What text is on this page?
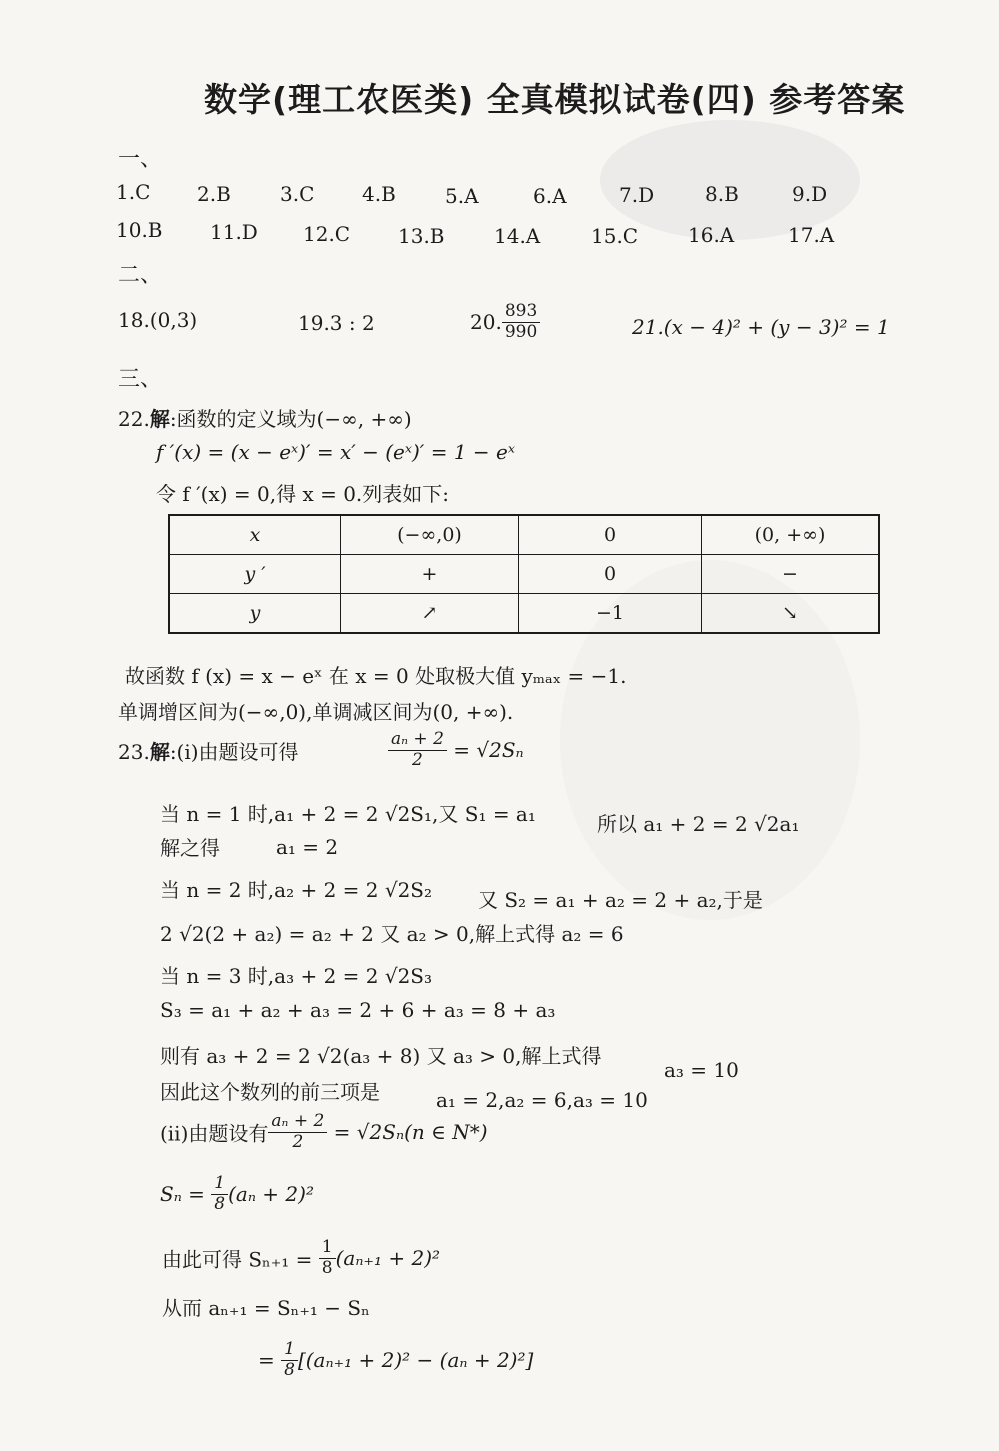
数学(理工农医类) 全真模拟试卷(四) 参考答案
一、
1.C 2.B 3.C 4.B 5.A	6.A	7.D	8.B	9.D
10.B 11.D 12.C 13.B 14.A	15.C 16.A	17.A
二、
18.(0,3)	19.3 : 2	20. $\frac{893}{990}$	21.(x − 4)² + (y − 3)² = 1
三、
22.解:函数的定义域为(−∞, +∞)
f ′(x) = (x − eˣ)′ = x′ − (eˣ)′ = 1 − eˣ
令 f ′(x) = 0,得 x = 0.列表如下:
x	(−∞,0)	0	(0, +∞)
y ′	+	0	−
y	↗	−1	↘
故函数 f (x) = x − eˣ 在 x = 0 处取极大值 yₘₐₓ = −1.
单调增区间为(−∞,0),单调减区间为(0, +∞).
23.解:(ⅰ)由题设可得	$\frac{\text{aₙ + 2}}{2} = √2S_n$
当 n = 1 时,a₁ + 2 = 2 √2S₁,又 S₁ = a₁	所以 a₁ + 2 = 2 √2a₁
解之得	a₁ = 2
当 n = 2 时,a₂ + 2 = 2 √2S₂ 又 S₂ = a₁ + a₂ = 2 + a₂,于是
2 √2(2 + a₂) = a₂ + 2 又 a₂ > 0,解上式得 a₂ = 6
当 n = 3 时,a₃ + 2 = 2 √2S₃
S₃ = a₁ + a₂ + a₃ = 2 + 6 + a₃ = 8 + a₃
则有 a₃ + 2 = 2 √2(a₃ + 8) 又 a₃ > 0,解上式得
a₃ = 10
因此这个数列的前三项是	a₁ = 2,a₂ = 6,a₃ = 10
(ⅱ)由题设有 $\frac{\text{aₙ + 2}}{2} = √2S_n(n$ ∈ N*)
$S_n = \frac{1}{8} (a_n + 2)^2$
由此可得 $S_{n+1} = \frac{1}{8} (a_{n+1} + 2)^2$
从而 aₙ₊₁ = Sₙ₊₁ − Sₙ
= $\frac{1}{8} [(a_{n+1} + 2)^2 - (a_n + 2)^2]$
